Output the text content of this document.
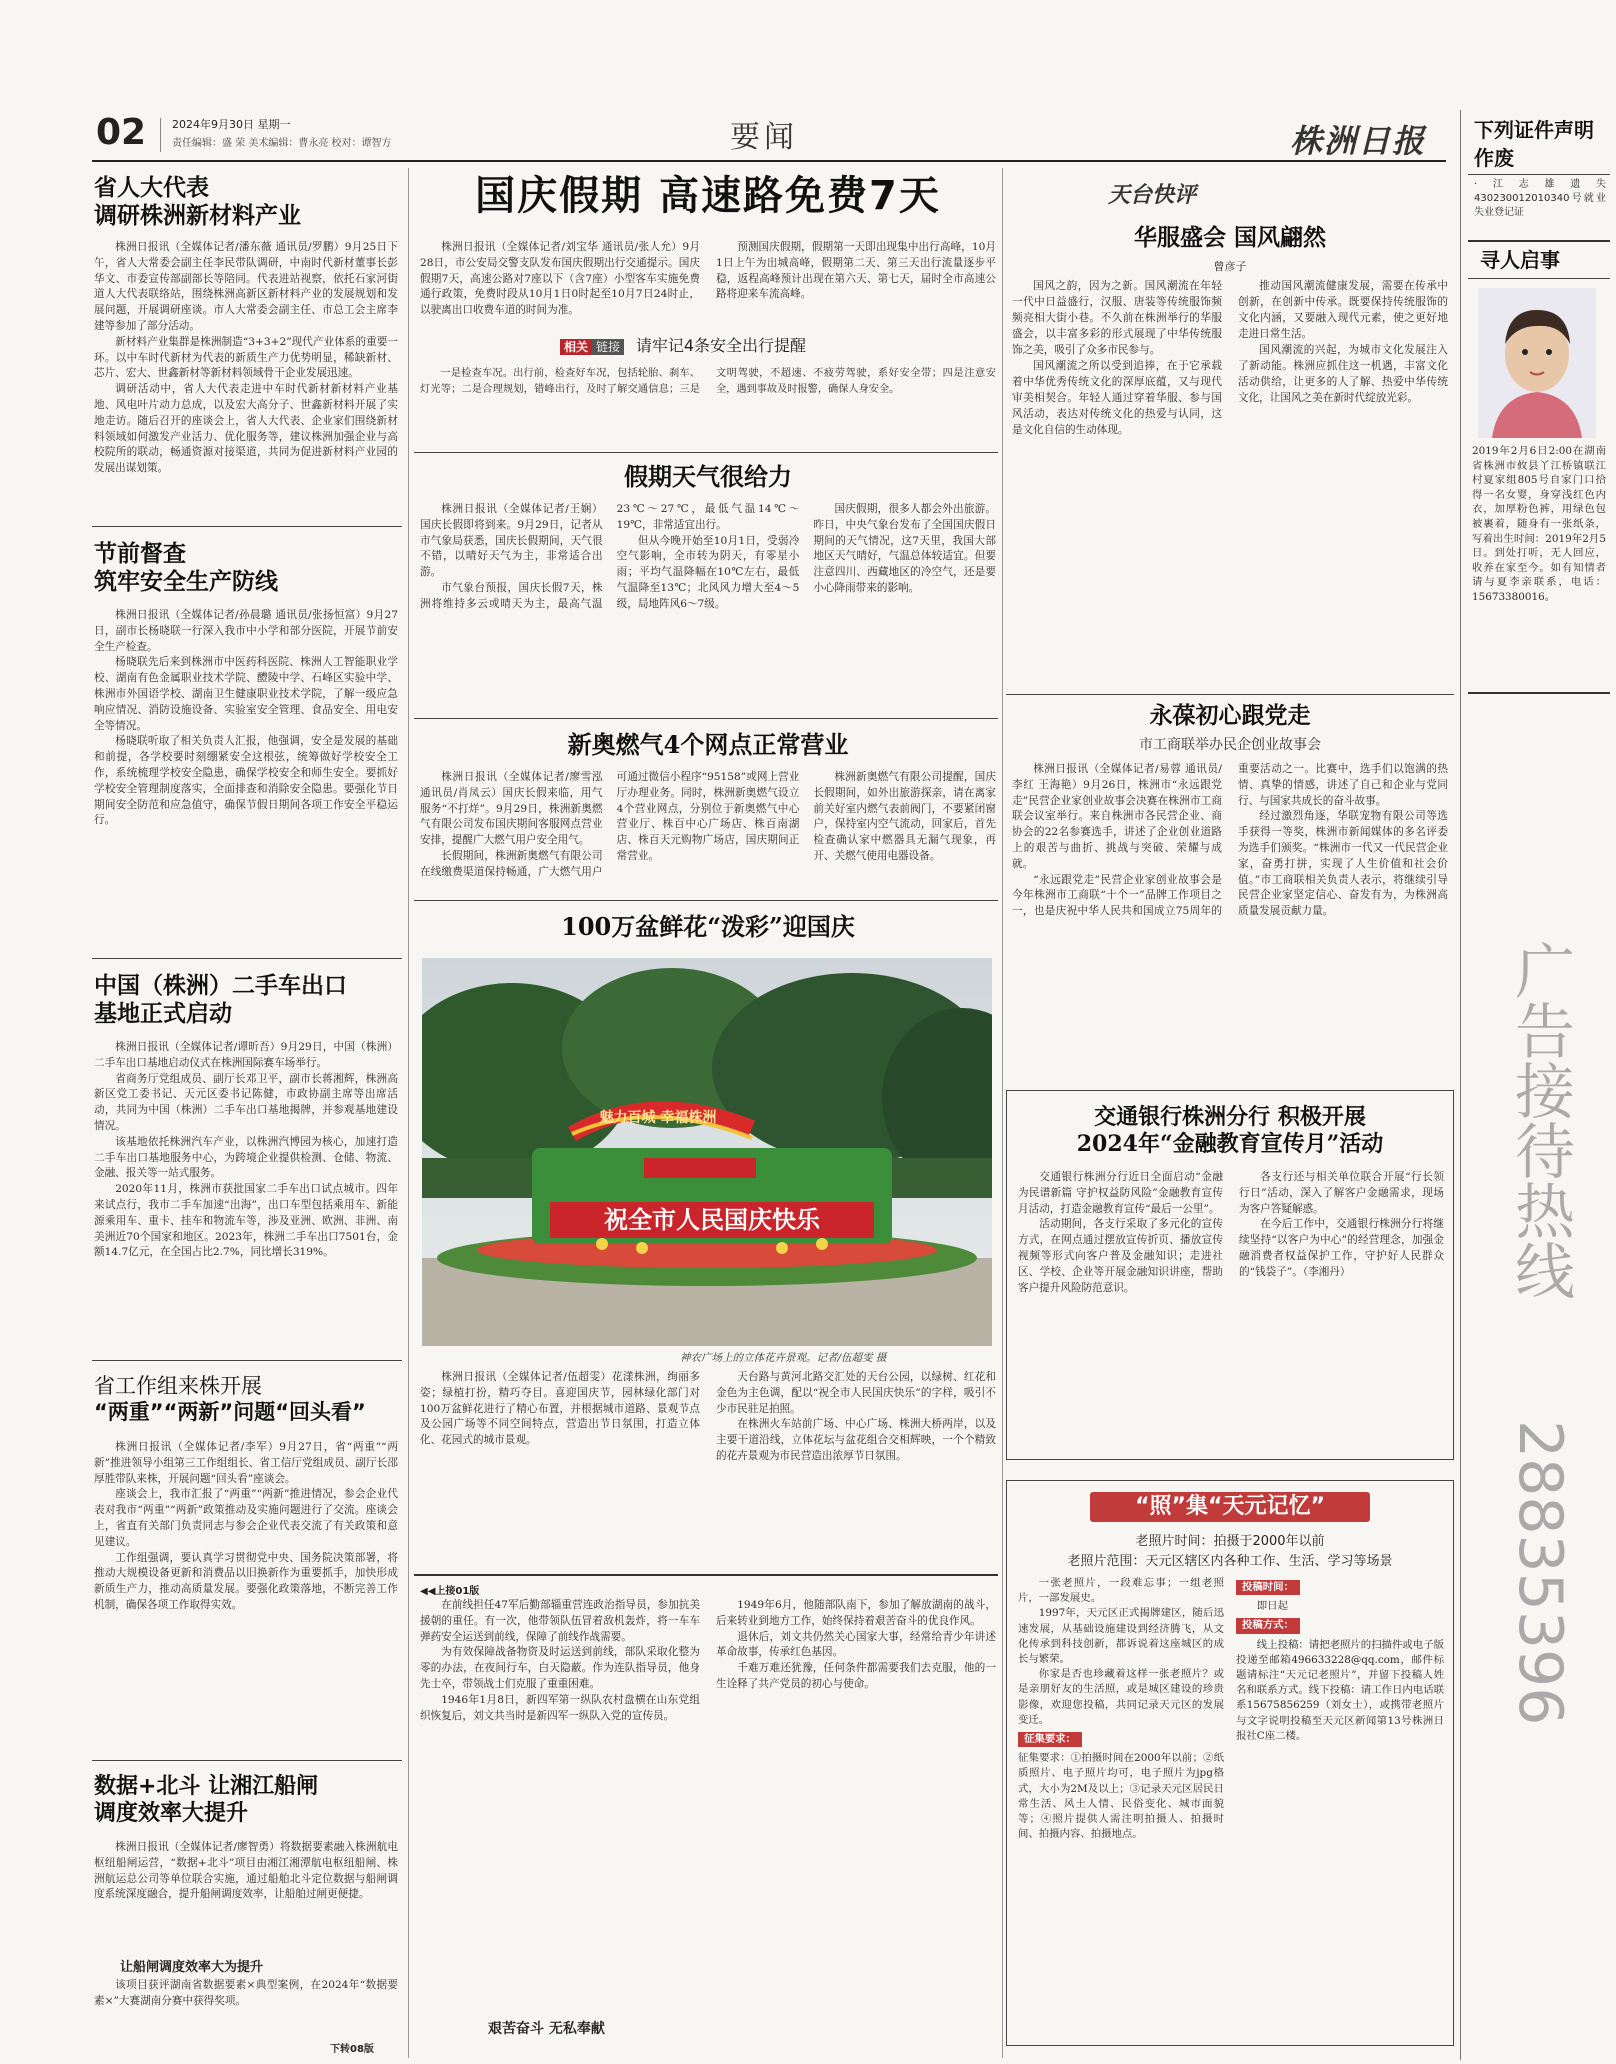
02 2024年9月30日 星期一
责任编辑：盛 荣 美术编辑：曹永亮 校对：谭智方	要闻	株洲日报 下列证件声明作废
·江志雄遗失430230012010340号就业失业登记证
寻人启事
2019年2月6日2:00在湖南省株洲市攸县丫江桥镇联江村夏家组805号自家门口拾得一名女婴，身穿浅红色内衣，加厚粉色裤，用绿色包被裹着，随身有一张纸条，写着出生时间：2019年2月5日。到处打听，无人回应，收养在家至今。如有知情者请与夏李亲联系，电话：15673380016。
广告接待热线
28835396
省人大代表
调研株洲新材料产业

株洲日报讯（全媒体记者/潘东薇 通讯员/罗鹏）9月25日下午，省人大常委会副主任李民带队调研，中南时代新材董事长彭华文、市委宣传部副部长等陪同。代表进站视察，依托石家河街道人大代表联络站，围绕株洲高新区新材料产业的发展规划和发展问题，开展调研座谈。市人大常委会副主任、市总工会主席李建等参加了部分活动。

新材料产业集群是株洲制造“3+3+2”现代产业体系的重要一环。以中车时代新材为代表的新质生产力优势明显，稀缺新材、芯片、宏大、世鑫新材等新材料领域骨干企业发展迅速。

调研活动中，省人大代表走进中车时代新材新材料产业基地、风电叶片动力总成，以及宏大高分子、世鑫新材料开展了实地走访。随后召开的座谈会上，省人大代表、企业家们围绕新材料领域如何激发产业活力、优化服务等，建议株洲加强企业与高校院所的联动，畅通资源对接渠道，共同为促进新材料产业园的发展出谋划策。

节前督查
筑牢安全生产防线

株洲日报讯（全媒体记者/孙晨璐 通讯员/张扬恒富）9月27日，副市长杨晓联一行深入我市中小学和部分医院，开展节前安全生产检查。

杨晓联先后来到株洲市中医药科医院、株洲人工智能职业学校、湖南有色金属职业技术学院、醴陵中学、石峰区实验中学、株洲市外国语学校、湖南卫生健康职业技术学院，了解一级应急响应情况、消防设施设备、实验室安全管理、食品安全、用电安全等情况。

杨晓联听取了相关负责人汇报，他强调，安全是发展的基础和前提，各学校要时刻绷紧安全这根弦，统筹做好学校安全工作，系统梳理学校安全隐患，确保学校安全和师生安全。要抓好学校安全管理制度落实，全面排查和消除安全隐患。要强化节日期间安全防范和应急值守，确保节假日期间各项工作安全平稳运行。

中国（株洲）二手车出口
基地正式启动

株洲日报讯（全媒体记者/谭昕吾）9月29日，中国（株洲）二手车出口基地启动仪式在株洲国际赛车场举行。

省商务厅党组成员、副厅长邓卫平，副市长蒋湘辉，株洲高新区党工委书记、天元区委书记陈健，市政协副主席等出席活动，共同为中国（株洲）二手车出口基地揭牌，并参观基地建设情况。

该基地依托株洲汽车产业，以株洲汽博园为核心，加速打造二手车出口基地服务中心，为跨境企业提供检测、仓储、物流、金融、报关等一站式服务。

2020年11月，株洲市获批国家二手车出口试点城市。四年来试点行，我市二手车加速“出海”，出口车型包括乘用车、新能源乘用车、重卡、挂车和物流车等，涉及亚洲、欧洲、非洲、南美洲近70个国家和地区。2023年，株洲二手车出口7501台，金额14.7亿元，在全国占比2.7%，同比增长319%。

省工作组来株开展
“两重”“两新”问题“回头看”

株洲日报讯（全媒体记者/李军）9月27日，省“两重”“两新”推进领导小组第三工作组组长、省工信厅党组成员、副厅长邵厚胜带队来株，开展问题“回头看”座谈会。

座谈会上，我市汇报了“两重”“两新”推进情况，参会企业代表对我市“两重”“两新”政策推动及实施问题进行了交流。座谈会上，省直有关部门负责同志与参会企业代表交流了有关政策和意见建议。

工作组强调，要认真学习贯彻党中央、国务院决策部署，将推动大规模设备更新和消费品以旧换新作为重要抓手，加快形成新质生产力，推动高质量发展。要强化政策落地，不断完善工作机制，确保各项工作取得实效。

数据+北斗 让湘江船闸
调度效率大提升

株洲日报讯（全媒体记者/廖智勇）将数据要素融入株洲航电枢纽船闸运营，“数据+北斗”项目由湘江湘潭航电枢纽船闸、株洲航运总公司等单位联合实施，通过船舶北斗定位数据与船闸调度系统深度融合，提升船闸调度效率，让船舶过闸更便捷。

让船闸调度效率大为提升

该项目获评湖南省数据要素×典型案例，在2024年“数据要素×”大赛湖南分赛中获得奖项。

下转08版
国庆假期 高速路免费7天

株洲日报讯（全媒体记者/刘宝华 通讯员/张人允）9月28日，市公安局交警支队发布国庆假期出行交通提示。国庆假期7天，高速公路对7座以下（含7座）小型客车实施免费通行政策，免费时段从10月1日0时起至10月7日24时止，以驶离出口收费车道的时间为准。

预测国庆假期，假期第一天即出现集中出行高峰，10月1日上午为出城高峰，假期第二天、第三天出行流量逐步平稳，返程高峰预计出现在第六天、第七天，届时全市高速公路将迎来车流高峰。

相关 链接 请牢记4条安全出行提醒

一是检查车况。出行前，检查好车况，包括轮胎、刹车、灯光等；二是合理规划，错峰出行，及时了解交通信息；三是文明驾驶，不超速、不疲劳驾驶，系好安全带；四是注意安全，遇到事故及时报警，确保人身安全。

假期天气很给力

株洲日报讯（全媒体记者/王娴）国庆长假即将到来。9月29日，记者从市气象局获悉，国庆长假期间，天气很不错，以晴好天气为主，非常适合出游。

市气象台预报，国庆长假7天，株洲将维持多云或晴天为主，最高气温23℃～27℃，最低气温14℃～19℃，非常适宜出行。

但从今晚开始至10月1日，受弱冷空气影响，全市转为阴天，有零星小雨；平均气温降幅在10℃左右，最低气温降至13℃；北风风力增大至4～5级，局地阵风6～7级。

国庆假期，很多人都会外出旅游。昨日，中央气象台发布了全国国庆假日期间的天气情况，这7天里，我国大部地区天气晴好，气温总体较适宜。但要注意四川、西藏地区的冷空气，还是要小心降雨带来的影响。

新奥燃气4个网点正常营业

株洲日报讯（全媒体记者/廖雪泓 通讯员/肖凤云）国庆长假来临，用气服务“不打烊”。9月29日，株洲新奥燃气有限公司发布国庆期间客服网点营业安排，提醒广大燃气用户安全用气。

长假期间，株洲新奥燃气有限公司在线缴费渠道保持畅通，广大燃气用户可通过微信小程序“95158”或网上营业厅办理业务。同时，株洲新奥燃气设立4个营业网点，分别位于新奥燃气中心营业厅、株百中心广场店、株百南湖店、株百天元购物广场店，国庆期间正常营业。

株洲新奥燃气有限公司提醒，国庆长假期间，如外出旅游探亲，请在离家前关好室内燃气表前阀门，不要紧闭窗户，保持室内空气流动，回家后，首先检查确认家中燃器具无漏气现象，再开、关燃气使用电器设备。

100万盆鲜花“泼彩”迎国庆
祝全市人民国庆快乐
魅力百城 幸福株洲
神农广场上的立体花卉景观。记者/伍超雯 摄

株洲日报讯（全媒体记者/伍超雯）花漾株洲，绚丽多姿；绿植打扮，精巧夺目。喜迎国庆节，园林绿化部门对100万盆鲜花进行了精心布置，并根据城市道路、景观节点及公园广场等不同空间特点，营造出节日氛围，打造立体化、花园式的城市景观。

天台路与黄河北路交汇处的天台公园，以绿树、红花和金色为主色调，配以“祝全市人民国庆快乐”的字样，吸引不少市民驻足拍照。

在株洲火车站前广场、中心广场、株洲大桥两岸，以及主要干道沿线，立体花坛与盆花组合交相辉映，一个个精致的花卉景观为市民营造出浓厚节日氛围。

◀◀上接01版

在前线担任47军后勤部辎重营连政治指导员，参加抗美援朝的重任。有一次，他带领队伍冒着敌机轰炸，将一车车弹药安全运送到前线，保障了前线作战需要。

为有效保障战备物资及时运送到前线，部队采取化整为零的办法，在夜间行车，白天隐蔽。作为连队指导员，他身先士卒，带领战士们克服了重重困难。

1946年1月8日，新四军第一纵队农村盘横在山东党组织恢复后，刘文共当时是新四军一纵队入党的宣传员。

1949年6月，他随部队南下，参加了解放湖南的战斗，后来转业到地方工作，始终保持着艰苦奋斗的优良作风。

退休后，刘文共仍然关心国家大事，经常给青少年讲述革命故事，传承红色基因。

千难万难还犹豫，任何条件都需要我们去克服，他的一生诠释了共产党员的初心与使命。

艰苦奋斗 无私奉献
天台快评
华服盛会 国风翩然
曾彦子

国风之韵，因为之新。国风潮流在年轻一代中日益盛行，汉服、唐装等传统服饰频频亮相大街小巷。不久前在株洲举行的华服盛会，以丰富多彩的形式展现了中华传统服饰之美，吸引了众多市民参与。

国风潮流之所以受到追捧，在于它承载着中华优秀传统文化的深厚底蕴，又与现代审美相契合。年轻人通过穿着华服、参与国风活动，表达对传统文化的热爱与认同，这是文化自信的生动体现。

推动国风潮流健康发展，需要在传承中创新，在创新中传承。既要保持传统服饰的文化内涵，又要融入现代元素，使之更好地走进日常生活。

国风潮流的兴起，为城市文化发展注入了新动能。株洲应抓住这一机遇，丰富文化活动供给，让更多的人了解、热爱中华传统文化，让国风之美在新时代绽放光彩。

永葆初心跟党走
市工商联举办民企创业故事会

株洲日报讯（全媒体记者/易蓉 通讯员/李红 王海艳）9月26日，株洲市“永远跟党走”民营企业家创业故事会决赛在株洲市工商联会议室举行。来自株洲市各民营企业、商协会的22名参赛选手，讲述了企业创业道路上的艰苦与曲折、挑战与突破、荣耀与成就。

“永远跟党走”民营企业家创业故事会是今年株洲市工商联“十个一”品牌工作项目之一，也是庆祝中华人民共和国成立75周年的重要活动之一。比赛中，选手们以饱满的热情、真挚的情感，讲述了自己和企业与党同行、与国家共成长的奋斗故事。

经过激烈角逐，华联宠物有限公司等选手获得一等奖，株洲市新闻媒体的多名评委为选手们颁奖。“株洲市一代又一代民营企业家，奋勇打拼，实现了人生价值和社会价值。”市工商联相关负责人表示，将继续引导民营企业家坚定信心、奋发有为，为株洲高质量发展贡献力量。

交通银行株洲分行 积极开展
2024年“金融教育宣传月”活动

交通银行株洲分行近日全面启动“金融为民谱新篇 守护权益防风险”金融教育宣传月活动，打造金融教育宣传“最后一公里”。

活动期间，各支行采取了多元化的宣传方式，在网点通过摆放宣传折页、播放宣传视频等形式向客户普及金融知识；走进社区、学校、企业等开展金融知识讲座，帮助客户提升风险防范意识。

各支行还与相关单位联合开展“行长领行日”活动，深入了解客户金融需求，现场为客户答疑解惑。

在今后工作中，交通银行株洲分行将继续坚持“以客户为中心”的经营理念，加强金融消费者权益保护工作，守护好人民群众的“钱袋子”。（李湘丹）

“照”集“天元记忆”
老照片时间：拍摄于2000年以前
老照片范围：天元区辖区内各种工作、生活、学习等场景

一张老照片，一段难忘事；一组老照片，一部发展史。

1997年，天元区正式揭牌建区，随后迅速发展，从基础设施建设到经济腾飞，从文化传承到科技创新，都诉说着这座城区的成长与繁荣。

你家是否也珍藏着这样一张老照片？或是亲朋好友的生活照，或是城区建设的珍贵影像，欢迎您投稿，共同记录天元区的发展变迁。

征集要求：

征集要求：①拍摄时间在2000年以前；②纸质照片、电子照片均可，电子照片为jpg格式，大小为2M及以上；③记录天元区居民日常生活、风土人情、民俗变化、城市面貌等；④照片提供人需注明拍摄人、拍摄时间、拍摄内容、拍摄地点。

投稿时间：

即日起

投稿方式：

线上投稿：请把老照片的扫描件或电子版投递至邮箱496633228@qq.com，邮件标题请标注“天元记老照片”，并留下投稿人姓名和联系方式。线下投稿：请工作日内电话联系15675856259（刘女士），或携带老照片与文字说明投稿至天元区新闻第13号株洲日报社C座二楼。
